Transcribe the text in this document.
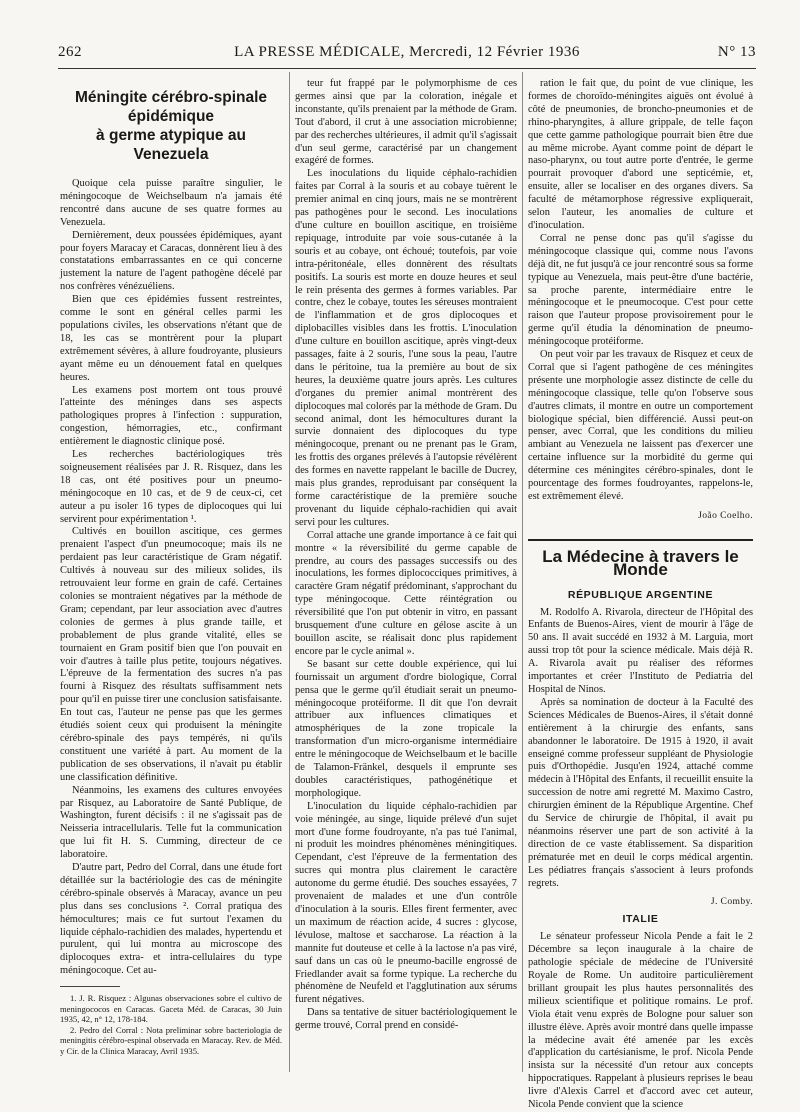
262	LA PRESSE MÉDICALE, Mercredi, 12 Février 1936	N° 13
Méningite cérébro-spinale
épidémique
à germe atypique au Venezuela

Quoique cela puisse paraître singulier, le méningocoque de Weichselbaum n'a jamais été rencontré dans aucune de ses quatre formes au Venezuela.

Dernièrement, deux poussées épidémiques, ayant pour foyers Maracay et Caracas, donnèrent lieu à des constatations embarrassantes en ce qui concerne justement la nature de l'agent pathogène décelé par nos confrères vénézuéliens.

Bien que ces épidémies fussent restreintes, comme le sont en général celles parmi les populations civiles, les observations n'étant que de 18, les cas se montrèrent pour la plupart extrêmement sévères, à allure foudroyante, plusieurs ayant même eu un dénouement fatal en quelques heures.

Les examens post mortem ont tous prouvé l'atteinte des méninges dans ses aspects pathologiques propres à l'infection : suppuration, congestion, hémorragies, etc., confirmant entièrement le diagnostic clinique posé.

Les recherches bactériologiques très soigneusement réalisées par J. R. Risquez, dans les 18 cas, ont été positives pour un pneumo-méningocoque en 10 cas, et de 9 de ceux-ci, cet auteur a pu isoler 16 types de diplocoques qui lui servirent pour expérimentation ¹.

Cultivés en bouillon ascitique, ces germes prenaient l'aspect d'un pneumocoque; mais ils ne perdaient pas leur caractéristique de Gram négatif. Cultivés à nouveau sur des milieux solides, ils retrouvaient leur forme en grain de café. Certaines colonies se montraient négatives par la méthode de Gram; cependant, par leur association avec d'autres colonies de germes à plus grande taille, et probablement de plus grande vitalité, elles se tournaient en Gram positif bien que l'on pouvait en voir d'autres à taille plus petite, toujours négatives. L'épreuve de la fermentation des sucres n'a pas fourni à Risquez des résultats suffisamment nets pour qu'il en puisse tirer une conclusion satisfaisante. En tout cas, l'auteur ne pense pas que les germes étudiés soient ceux qui produisent la méningite cérébro-spinale des pays tempérés, ni qu'ils constituent une variété à part. Au moment de la publication de ses observations, il n'avait pu établir une classification définitive.

Néanmoins, les examens des cultures envoyées par Risquez, au Laboratoire de Santé Publique, de Washington, furent décisifs : il ne s'agissait pas de Neisseria intracellularis. Telle fut la communication que lui fit H. S. Cumming, directeur de ce laboratoire.

D'autre part, Pedro del Corral, dans une étude fort détaillée sur la bactériologie des cas de méningite cérébro-spinale observés à Maracay, avance un peu plus dans ses conclusions ². Corral pratiqua des hémocultures; mais ce fut surtout l'examen du liquide céphalo-rachidien des malades, hypertendu et purulent, qui lui montra au microscope des diplocoques extra- et intra-cellulaires du type méningocoque. Cet au-

1. J. R. Risquez : Algunas observaciones sobre el cultivo de meningococos en Caracas. Gaceta Méd. de Caracas, 30 Juin 1935, 42, n° 12, 178-184.

2. Pedro del Corral : Nota preliminar sobre bacteriologia de meningitis cérébro-espinal observada en Maracay. Rev. de Méd. y Cir. de la Clinica Maracay, Avril 1935.

teur fut frappé par le polymorphisme de ces germes ainsi que par la coloration, inégale et inconstante, qu'ils prenaient par la méthode de Gram. Tout d'abord, il crut à une association microbienne; par des recherches ultérieures, il admit qu'il s'agissait d'un seul germe, caractérisé par un changement exagéré de formes.

Les inoculations du liquide céphalo-rachidien faites par Corral à la souris et au cobaye tuèrent le premier animal en cinq jours, mais ne se montrèrent pas pathogènes pour le second. Les inoculations d'une culture en bouillon ascitique, en troisième repiquage, introduite par voie sous-cutanée à la souris et au cobaye, ont échoué; toutefois, par voie intra-péritonéale, elles donnèrent des résultats positifs. La souris est morte en douze heures et seul le rein présenta des germes à formes variables. Par contre, chez le cobaye, toutes les séreuses montraient de l'inflammation et de gros diplocoques et diplobacilles visibles dans les frottis. L'inoculation d'une culture en bouillon ascitique, après vingt-deux passages, faite à 2 souris, l'une sous la peau, l'autre dans le péritoine, tua la première au bout de six heures, la deuxième quatre jours après. Les cultures d'organes du premier animal montrèrent des diplocoques mal colorés par la méthode de Gram. Du second animal, dont les hémocultures durant la survie donnaient des diplocoques du type méningocoque, prenant ou ne prenant pas le Gram, les frottis des organes prélevés à l'autopsie révélèrent des formes en navette rappelant le bacille de Ducrey, mais plus grandes, reproduisant par conséquent la forme caractéristique de la première souche provenant du liquide céphalo-rachidien qui avait servi pour les cultures.

Corral attache une grande importance à ce fait qui montre « la réversibilité du germe capable de prendre, au cours des passages successifs ou des inoculations, les formes diplococciques primitives, à caractère Gram négatif prédominant, s'approchant du type méningocoque. Cette réintégration ou réversibilité que l'on put obtenir in vitro, en passant brusquement d'une culture en gélose ascite à un bouillon ascite, se réalisait donc plus rapidement encore par le cycle animal ».

Se basant sur cette double expérience, qui lui fournissait un argument d'ordre biologique, Corral pensa que le germe qu'il étudiait serait un pneumo-méningocoque protéiforme. Il dit que l'on devrait attribuer aux influences climatiques et atmosphériques de la zone tropicale la transformation d'un micro-organisme intermédiaire entre le méningocoque de Weichselbaum et le bacille de Talamon-Fränkel, desquels il emprunte ses doubles caractéristiques, pathogénétique et morphologique.

L'inoculation du liquide céphalo-rachidien par voie méningée, au singe, liquide prélevé d'un sujet mort d'une forme foudroyante, n'a pas tué l'animal, ni produit les moindres phénomènes méningitiques. Cependant, c'est l'épreuve de la fermentation des sucres qui montra plus clairement le caractère autonome du germe étudié. Des souches essayées, 7 provenaient de malades et une d'un contrôle d'inoculation à la souris. Elles firent fermenter, avec un maximum de réaction acide, 4 sucres : glycose, lévulose, maltose et saccharose. La réaction à la mannite fut douteuse et celle à la lactose n'a pas viré, sauf dans un cas où le pneumo-bacille engrossé de Friedlander avait sa forme typique. La recherche du phénomène de Neufeld et l'agglutination aux sérums furent négatives.

Dans sa tentative de situer bactériologiquement le germe trouvé, Corral prend en considé-

ration le fait que, du point de vue clinique, les formes de choroïdo-méningites aiguës ont évolué à côté de pneumonies, de broncho-pneumonies et de rhino-pharyngites, à allure grippale, de telle façon que cette gamme pathologique pourrait bien être due au même microbe. Ayant comme point de départ le naso-pharynx, ou tout autre porte d'entrée, le germe pourrait provoquer d'abord une septicémie, et, ensuite, aller se localiser en des organes divers. Sa faculté de métamorphose régressive expliquerait, selon l'auteur, les anomalies de culture et d'inoculation.

Corral ne pense donc pas qu'il s'agisse du méningocoque classique qui, comme nous l'avons déjà dit, ne fut jusqu'à ce jour rencontré sous sa forme typique au Venezuela, mais peut-être d'une bactérie, sa proche parente, intermédiaire entre le méningocoque et le pneumocoque. C'est pour cette raison que l'auteur propose provisoirement pour le germe qu'il étudia la dénomination de pneumo-méningocoque protéiforme.

On peut voir par les travaux de Risquez et ceux de Corral que si l'agent pathogène de ces méningites présente une morphologie assez distincte de celle du méningocoque classique, telle qu'on l'observe sous d'autres climats, il montre en outre un comportement biologique spécial, bien différencié. Aussi peut-on penser, avec Corral, que les conditions du milieu ambiant au Venezuela ne laissent pas d'exercer une certaine influence sur la morbidité du germe qui détermine ces méningites cérébro-spinales, dont le pourcentage des formes foudroyantes, rappelons-le, est extrêmement élevé.

João Coelho.
La Médecine à travers le Monde
RÉPUBLIQUE ARGENTINE

M. Rodolfo A. Rivarola, directeur de l'Hôpital des Enfants de Buenos-Aires, vient de mourir à l'âge de 50 ans. Il avait succédé en 1932 à M. Larguia, mort aussi trop tôt pour la science médicale. Mais déjà R. A. Rivarola avait pu réaliser des réformes importantes et créer l'Instituto de Pediatria del Hospital de Ninos.

Après sa nomination de docteur à la Faculté des Sciences Médicales de Buenos-Aires, il s'était donné entièrement à la chirurgie des enfants, sans abandonner le laboratoire. De 1915 à 1920, il avait enseigné comme professeur suppléant de Physiologie puis d'Orthopédie. Jusqu'en 1924, attaché comme médecin à l'Hôpital des Enfants, il recueillit ensuite la succession de notre ami regretté M. Maximo Castro, chirurgien éminent de la République Argentine. Chef du Service de chirurgie de l'hôpital, il avait pu néanmoins réserver une part de son activité à la direction de ce vaste établissement. Sa disparition prématurée met en deuil le corps médical argentin. Les pédiatres français s'associent à leurs profonds regrets.

J. Comby.
ITALIE

Le sénateur professeur Nicola Pende a fait le 2 Décembre sa leçon inaugurale à la chaire de pathologie spéciale de médecine de l'Université Royale de Rome. Un auditoire particulièrement brillant groupait les plus hautes personnalités des milieux scientifique et politique romains. Le prof. Viola était venu exprès de Bologne pour saluer son illustre élève. Après avoir montré dans quelle impasse la médecine avait été amenée par les excès d'application du cartésianisme, le prof. Nicola Pende insista sur la nécessité d'un retour aux concepts hippocratiques. Rappelant à plusieurs reprises le beau livre d'Alexis Carrel et d'accord avec cet auteur, Nicola Pende convient que la science
